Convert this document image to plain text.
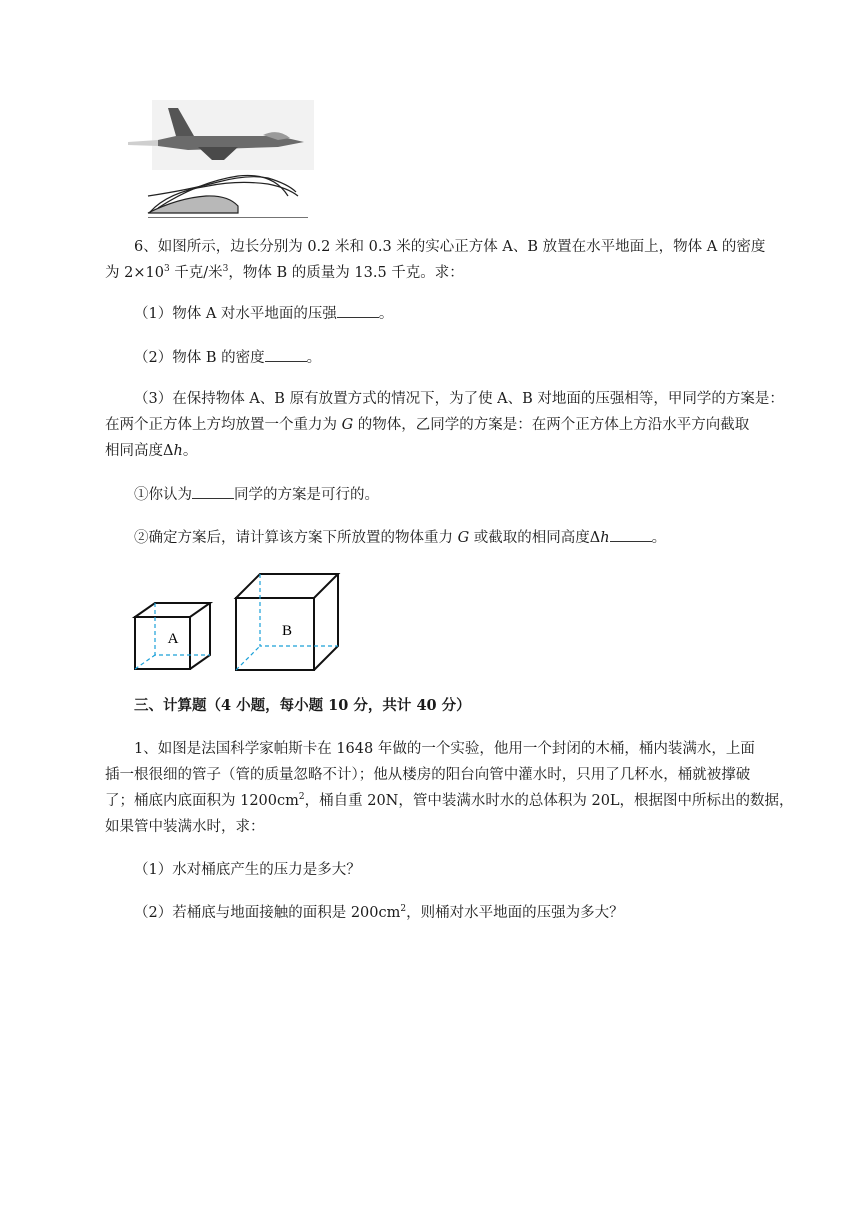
6、如图所示，边长分别为 0.2 米和 0.3 米的实心正方体 A、B 放置在水平地面上，物体 A 的密度
为 $2\times 10^3$ 千克/米$^3$，物体 B 的质量为 13.5 千克。求：
（1）物体 A 对水平地面的压强	。
（2）物体 B 的密度	。
（3）在保持物体 A、B 原有放置方式的情况下，为了使 A、B 对地面的压强相等，甲同学的方案是：
在两个正方体上方均放置一个重力为 G 的物体，乙同学的方案是：在两个正方体上方沿水平方向截取
相同高度Δh。
①你认为	同学的方案是可行的。
②确定方案后，请计算该方案下所放置的物体重力 G 或截取的相同高度Δh	。
A	B
三、计算题（4 小题，每小题 10 分，共计 40 分）
1、如图是法国科学家帕斯卡在 1648 年做的一个实验，他用一个封闭的木桶，桶内装满水，上面
插一根很细的管子（管的质量忽略不计）；他从楼房的阳台向管中灌水时，只用了几杯水，桶就被撑破
了；桶底内底面积为 $1200cm^2$，桶自重 20N，管中装满水时水的总体积为 20L，根据图中所标出的数据，
如果管中装满水时，求：
（1）水对桶底产生的压力是多大？
（2）若桶底与地面接触的面积是 $200cm^2$，则桶对水平地面的压强为多大？
